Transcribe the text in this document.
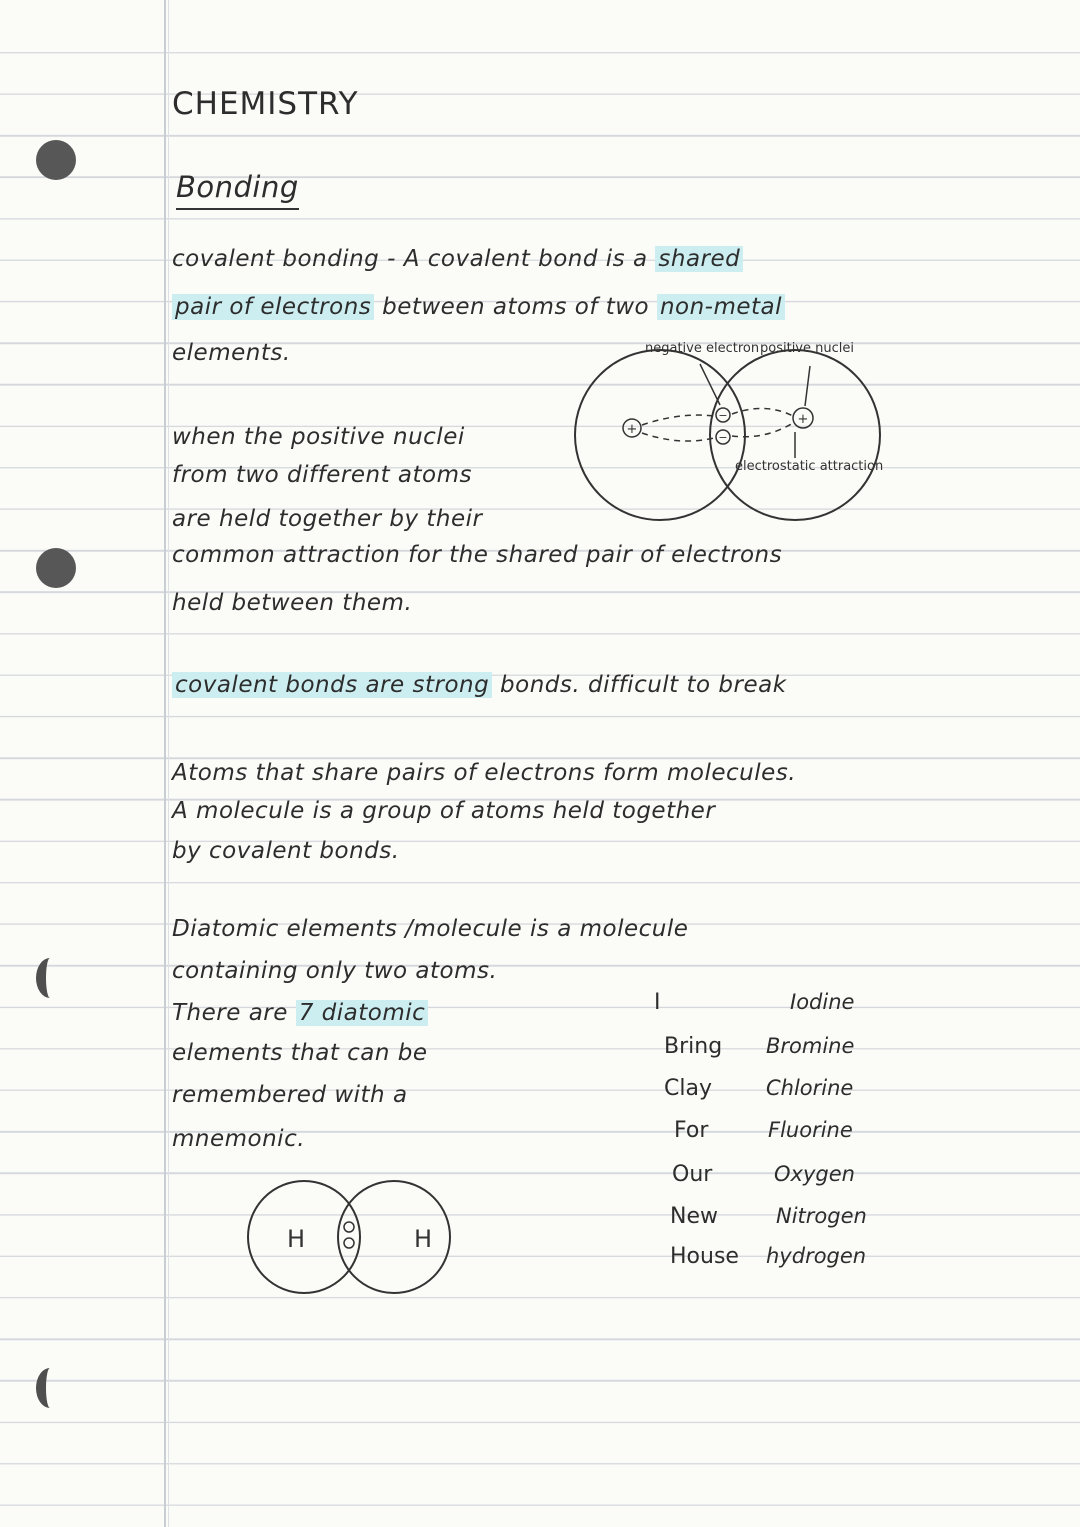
CHEMISTRY
Bonding
covalent bonding - A covalent bond is a shared
pair of electrons between atoms of two non-metal
elements.	negative electron positive nuclei
+
+
−
−
electrostatic attraction
when the positive nuclei
from two different atoms
are held together by their
common attraction for the shared pair of electrons
held between them.
covalent bonds are strong bonds. difficult to break
Atoms that share pairs of electrons form molecules.
A molecule is a group of atoms held together
by covalent bonds.
Diatomic elements /molecule is a molecule
containing only two atoms.
There are 7 diatomic
elements that can be
remembered with a
mnemonic.
H	H
I	Iodine
Bring Bromine
Clay	Chlorine
For	Fluorine
Our	Oxygen
New	Nitrogen
House hydrogen
